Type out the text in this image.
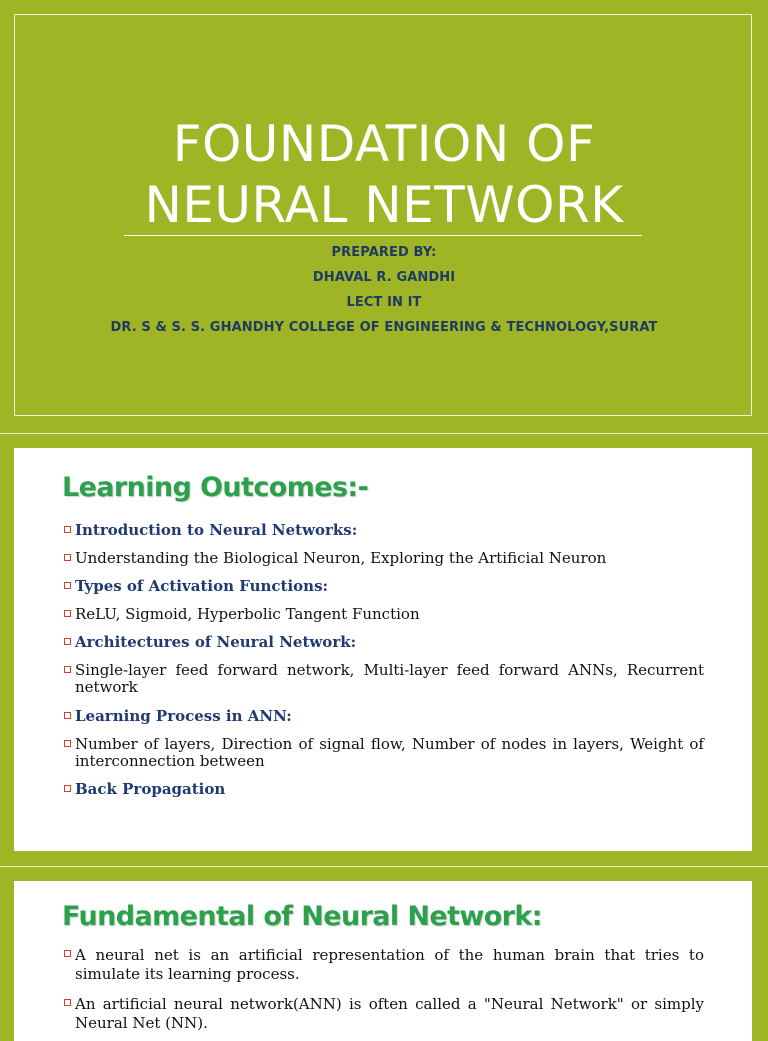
FOUNDATION OF
NEURAL NETWORK
PREPARED BY:
DHAVAL R. GANDHI
LECT IN IT
DR. S & S. S. GHANDHY COLLEGE OF ENGINEERING & TECHNOLOGY,SURAT
Learning Outcomes:-
Introduction to Neural Networks:
Understanding the Biological Neuron, Exploring the Artificial Neuron
Types of Activation Functions:
ReLU, Sigmoid, Hyperbolic Tangent Function
Architectures of Neural Network:
Single-layer feed forward network, Multi-layer feed forward ANNs, Recurrent network
Learning Process in ANN:
Number of layers, Direction of signal flow, Number of nodes in layers, Weight of interconnection between
Back Propagation
Fundamental of Neural Network:
A neural net is an artificial representation of the human brain that tries to simulate its learning process.
An artificial neural network(ANN) is often called a "Neural Network" or simply Neural Net (NN).
